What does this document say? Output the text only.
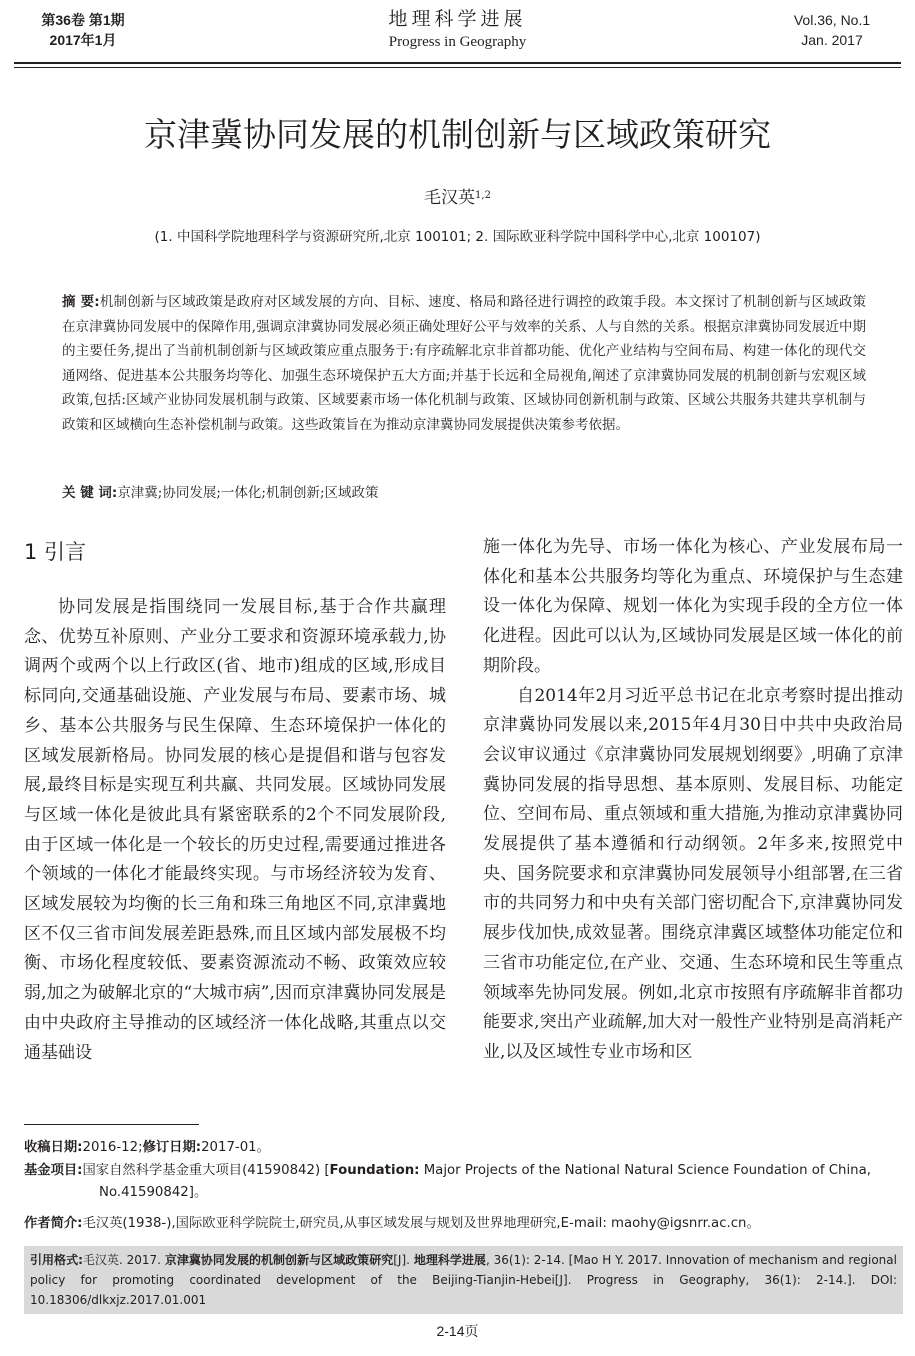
第36卷 第1期
2017年1月
地理科学进展
Progress in Geography
Vol.36, No.1
Jan. 2017
京津冀协同发展的机制创新与区域政策研究
毛汉英$^{1,2}$
(1. 中国科学院地理科学与资源研究所,北京 100101; 2. 国际欧亚科学院中国科学中心,北京 100107)
摘 要:机制创新与区域政策是政府对区域发展的方向、目标、速度、格局和路径进行调控的政策手段。本文探讨了机制创新与区域政策在京津冀协同发展中的保障作用,强调京津冀协同发展必须正确处理好公平与效率的关系、人与自然的关系。根据京津冀协同发展近中期的主要任务,提出了当前机制创新与区域政策应重点服务于:有序疏解北京非首都功能、优化产业结构与空间布局、构建一体化的现代交通网络、促进基本公共服务均等化、加强生态环境保护五大方面;并基于长远和全局视角,阐述了京津冀协同发展的机制创新与宏观区域政策,包括:区域产业协同发展机制与政策、区域要素市场一体化机制与政策、区域协同创新机制与政策、区域公共服务共建共享机制与政策和区域横向生态补偿机制与政策。这些政策旨在为推动京津冀协同发展提供决策参考依据。
关 键 词:京津冀;协同发展;一体化;机制创新;区域政策
1 引言

协同发展是指围绕同一发展目标,基于合作共赢理念、优势互补原则、产业分工要求和资源环境承载力,协调两个或两个以上行政区(省、地市)组成的区域,形成目标同向,交通基础设施、产业发展与布局、要素市场、城乡、基本公共服务与民生保障、生态环境保护一体化的区域发展新格局。协同发展的核心是提倡和谐与包容发展,最终目标是实现互利共赢、共同发展。区域协同发展与区域一体化是彼此具有紧密联系的2个不同发展阶段,由于区域一体化是一个较长的历史过程,需要通过推进各个领域的一体化才能最终实现。与市场经济较为发育、区域发展较为均衡的长三角和珠三角地区不同,京津冀地区不仅三省市间发展差距悬殊,而且区域内部发展极不均衡、市场化程度较低、要素资源流动不畅、政策效应较弱,加之为破解北京的“大城市病”,因而京津冀协同发展是由中央政府主导推动的区域经济一体化战略,其重点以交通基础设

施一体化为先导、市场一体化为核心、产业发展布局一体化和基本公共服务均等化为重点、环境保护与生态建设一体化为保障、规划一体化为实现手段的全方位一体化进程。因此可以认为,区域协同发展是区域一体化的前期阶段。

自2014年2月习近平总书记在北京考察时提出推动京津冀协同发展以来,2015年4月30日中共中央政治局会议审议通过《京津冀协同发展规划纲要》,明确了京津冀协同发展的指导思想、基本原则、发展目标、功能定位、空间布局、重点领域和重大措施,为推动京津冀协同发展提供了基本遵循和行动纲领。2年多来,按照党中央、国务院要求和京津冀协同发展领导小组部署,在三省市的共同努力和中央有关部门密切配合下,京津冀协同发展步伐加快,成效显著。围绕京津冀区域整体功能定位和三省市功能定位,在产业、交通、生态环境和民生等重点领域率先协同发展。例如,北京市按照有序疏解非首都功能要求,突出产业疏解,加大对一般性产业特别是高消耗产业,以及区域性专业市场和区

收稿日期:2016-12;修订日期:2017-01。
基金项目:国家自然科学基金重大项目(41590842) [Foundation: Major Projects of the National Natural Science Foundation of China, No.41590842]。
作者简介:毛汉英(1938-),国际欧亚科学院院士,研究员,从事区域发展与规划及世界地理研究,E-mail: maohy@igsnrr.ac.cn。
引用格式:毛汉英. 2017. 京津冀协同发展的机制创新与区域政策研究[J]. 地理科学进展, 36(1): 2-14. [Mao H Y. 2017. Innovation of mechanism and regional policy for promoting coordinated development of the Beijing-Tianjin-Hebei[J]. Progress in Geography, 36(1): 2-14.]. DOI: 10.18306/dlkxjz.2017.01.001
2-14页
